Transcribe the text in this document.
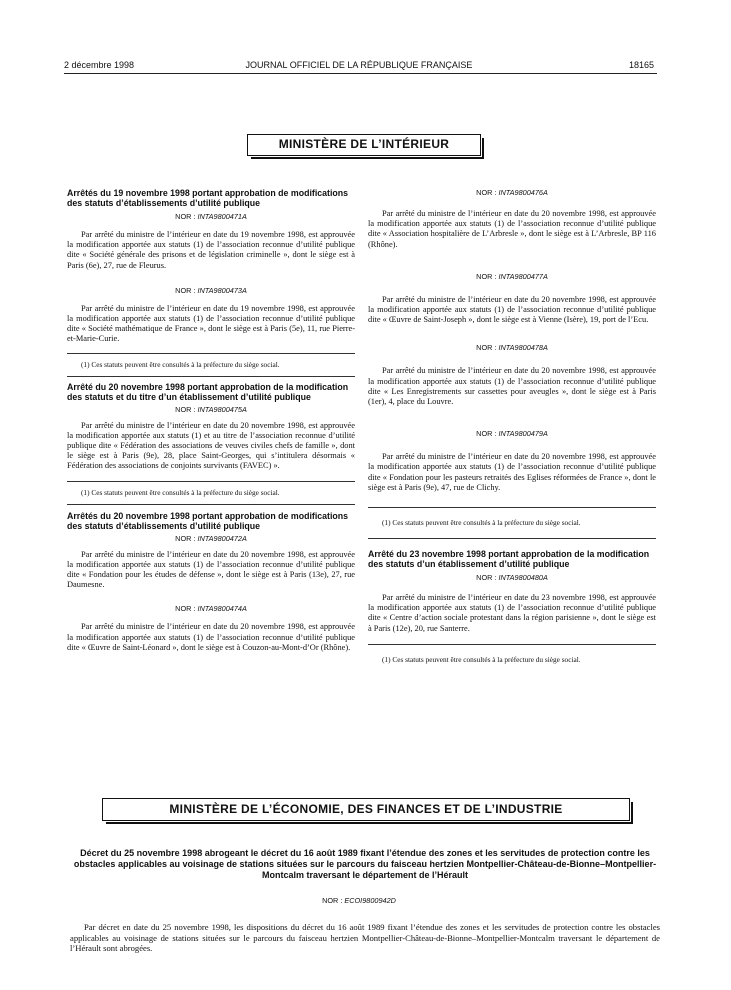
2 décembre 1998	JOURNAL OFFICIEL DE LA RÉPUBLIQUE FRANÇAISE	18165
MINISTÈRE DE L’INTÉRIEUR

Arrêtés du 19 novembre 1998 portant approbation de modifications des statuts d’établissements d’utilité publique

NOR : INTA9800471A

Par arrêté du ministre de l’intérieur en date du 19 novembre 1998, est approuvée la modification apportée aux statuts (1) de l’association reconnue d’utilité publique dite « Société générale des prisons et de législation criminelle », dont le siège est à Paris (6e), 27, rue de Fleurus.

NOR : INTA9800473A

Par arrêté du ministre de l’intérieur en date du 19 novembre 1998, est approuvée la modification apportée aux statuts (1) de l’association reconnue d’utilité publique dite « Société mathématique de France », dont le siège est à Paris (5e), 11, rue Pierre-et-Marie-Curie.

(1) Ces statuts peuvent être consultés à la préfecture du siège social.

Arrêté du 20 novembre 1998 portant approbation de la modification des statuts et du titre d’un établissement d’utilité publique

NOR : INTA9800475A

Par arrêté du ministre de l’intérieur en date du 20 novembre 1998, est approuvée la modification apportée aux statuts (1) et au titre de l’association reconnue d’utilité publique dite « Fédération des associations de veuves civiles chefs de famille », dont le siège est à Paris (9e), 28, place Saint-Georges, qui s’intitulera désormais « Fédération des associations de conjoints survivants (FAVEC) ».

(1) Ces statuts peuvent être consultés à la préfecture du siège social.

Arrêtés du 20 novembre 1998 portant approbation de modifications des statuts d’établissements d’utilité publique

NOR : INTA9800472A

Par arrêté du ministre de l’intérieur en date du 20 novembre 1998, est approuvée la modification apportée aux statuts (1) de l’association reconnue d’utilité publique dite « Fondation pour les études de défense », dont le siège est à Paris (13e), 27, rue Daumesne.

NOR : INTA9800474A

Par arrêté du ministre de l’intérieur en date du 20 novembre 1998, est approuvée la modification apportée aux statuts (1) de l’association reconnue d’utilité publique dite « Œuvre de Saint-Léonard », dont le siège est à Couzon-au-Mont-d’Or (Rhône).

NOR : INTA9800476A

Par arrêté du ministre de l’intérieur en date du 20 novembre 1998, est approuvée la modification apportée aux statuts (1) de l’association reconnue d’utilité publique dite « Association hospitalière de L’Arbresle », dont le siège est à L’Arbresle, BP 116 (Rhône).

NOR : INTA9800477A

Par arrêté du ministre de l’intérieur en date du 20 novembre 1998, est approuvée la modification apportée aux statuts (1) de l’association reconnue d’utilité publique dite « Œuvre de Saint-Joseph », dont le siège est à Vienne (Isère), 19, port de l’Ecu.

NOR : INTA9800478A

Par arrêté du ministre de l’intérieur en date du 20 novembre 1998, est approuvée la modification apportée aux statuts (1) de l’association reconnue d’utilité publique dite « Les Enregistrements sur cassettes pour aveugles », dont le siège est à Paris (1er), 4, place du Louvre.

NOR : INTA9800479A

Par arrêté du ministre de l’intérieur en date du 20 novembre 1998, est approuvée la modification apportée aux statuts (1) de l’association reconnue d’utilité publique dite « Fondation pour les pasteurs retraités des Eglises réformées de France », dont le siège est à Paris (9e), 47, rue de Clichy.

(1) Ces statuts peuvent être consultés à la préfecture du siège social.

Arrêté du 23 novembre 1998 portant approbation de la modification des statuts d’un établissement d’utilité publique

NOR : INTA9800480A

Par arrêté du ministre de l’intérieur en date du 23 novembre 1998, est approuvée la modification apportée aux statuts (1) de l’association reconnue d’utilité publique dite « Centre d’action sociale protestant dans la région parisienne », dont le siège est à Paris (12e), 20, rue Santerre.

(1) Ces statuts peuvent être consultés à la préfecture du siège social.

MINISTÈRE DE L’ÉCONOMIE, DES FINANCES ET DE L’INDUSTRIE

Décret du 25 novembre 1998 abrogeant le décret du 16 août 1989 fixant l’étendue des zones et les servitudes de protection contre les obstacles applicables au voisinage de stations situées sur le parcours du faisceau hertzien Montpellier-Château-de-Bionne–Montpellier-Montcalm traversant le département de l’Hérault

NOR : ECOI9800942D

Par décret en date du 25 novembre 1998, les dispositions du décret du 16 août 1989 fixant l’étendue des zones et les servitudes de protection contre les obstacles applicables au voisinage de stations situées sur le parcours du faisceau hertzien Montpellier-Château-de-Bionne–Montpellier-Montcalm traversant le département de l’Hérault sont abrogées.
